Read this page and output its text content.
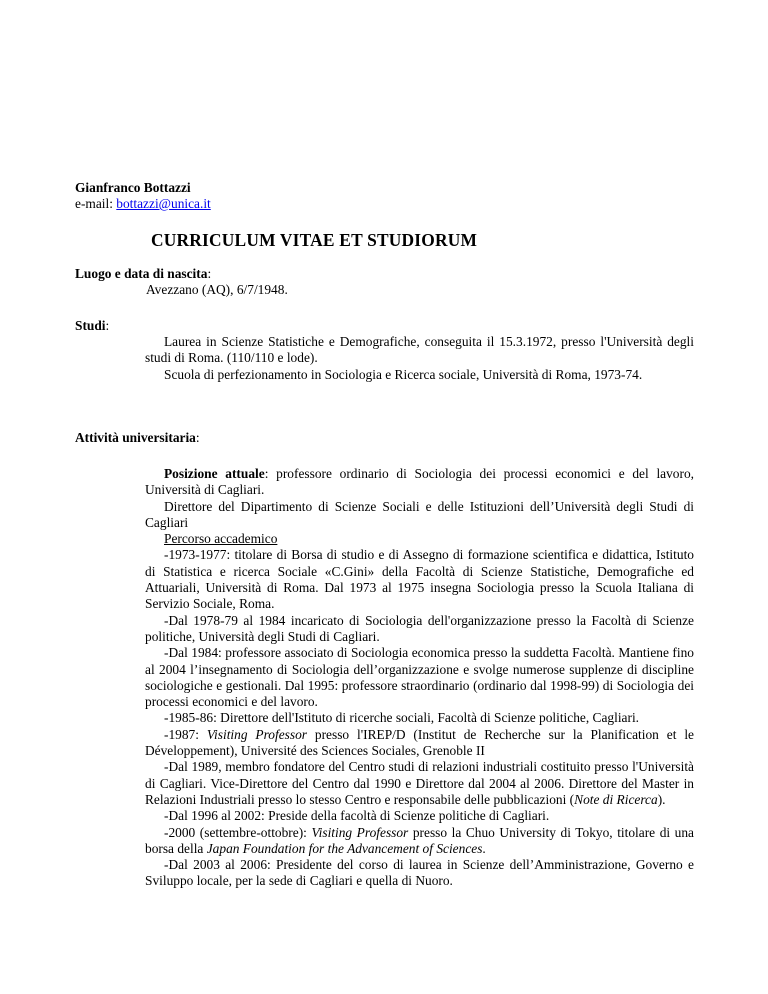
Gianfranco Bottazzi
e-mail: bottazzi@unica.it
CURRICULUM VITAE ET STUDIORUM
Luogo e data di nascita:
Avezzano (AQ), 6/7/1948.
Studi:

Laurea in Scienze Statistiche e Demografiche, conseguita il 15.3.1972, presso l'Università degli studi di Roma. (110/110 e lode).

Scuola di perfezionamento in Sociologia e Ricerca sociale, Università di Roma, 1973-74.

Attività universitaria:

Posizione attuale: professore ordinario di Sociologia dei processi economici e del lavoro, Università di Cagliari.

Direttore del Dipartimento di Scienze Sociali e delle Istituzioni dell’Università degli Studi di Cagliari

Percorso accademico

-1973-1977: titolare di Borsa di studio e di Assegno di formazione scientifica e didattica, Istituto di Statistica e ricerca Sociale «C.Gini» della Facoltà di Scienze Statistiche, Demografiche ed Attuariali, Università di Roma. Dal 1973 al 1975 insegna Sociologia presso la Scuola Italiana di Servizio Sociale, Roma.

-Dal 1978-79 al 1984 incaricato di Sociologia dell'organizzazione presso la Facoltà di Scienze politiche, Università degli Studi di Cagliari.

-Dal 1984: professore associato di Sociologia economica presso la suddetta Facoltà. Mantiene fino al 2004 l’insegnamento di Sociologia dell’organizzazione e svolge numerose supplenze di discipline sociologiche e gestionali. Dal 1995: professore straordinario (ordinario dal 1998-99) di Sociologia dei processi economici e del lavoro.

-1985-86: Direttore dell'Istituto di ricerche sociali, Facoltà di Scienze politiche, Cagliari.

-1987: Visiting Professor presso l'IREP/D (Institut de Recherche sur la Planification et le Développement), Université des Sciences Sociales, Grenoble II

-Dal 1989, membro fondatore del Centro studi di relazioni industriali costituito presso l'Università di Cagliari. Vice-Direttore del Centro dal 1990 e Direttore dal 2004 al 2006. Direttore del Master in Relazioni Industriali presso lo stesso Centro e responsabile delle pubblicazioni (Note di Ricerca).

-Dal 1996 al 2002: Preside della facoltà di Scienze politiche di Cagliari.

-2000 (settembre-ottobre): Visiting Professor presso la Chuo University di Tokyo, titolare di una borsa della Japan Foundation for the Advancement of Sciences.

-Dal 2003 al 2006: Presidente del corso di laurea in Scienze dell’Amministrazione, Governo e Sviluppo locale, per la sede di Cagliari e quella di Nuoro.
